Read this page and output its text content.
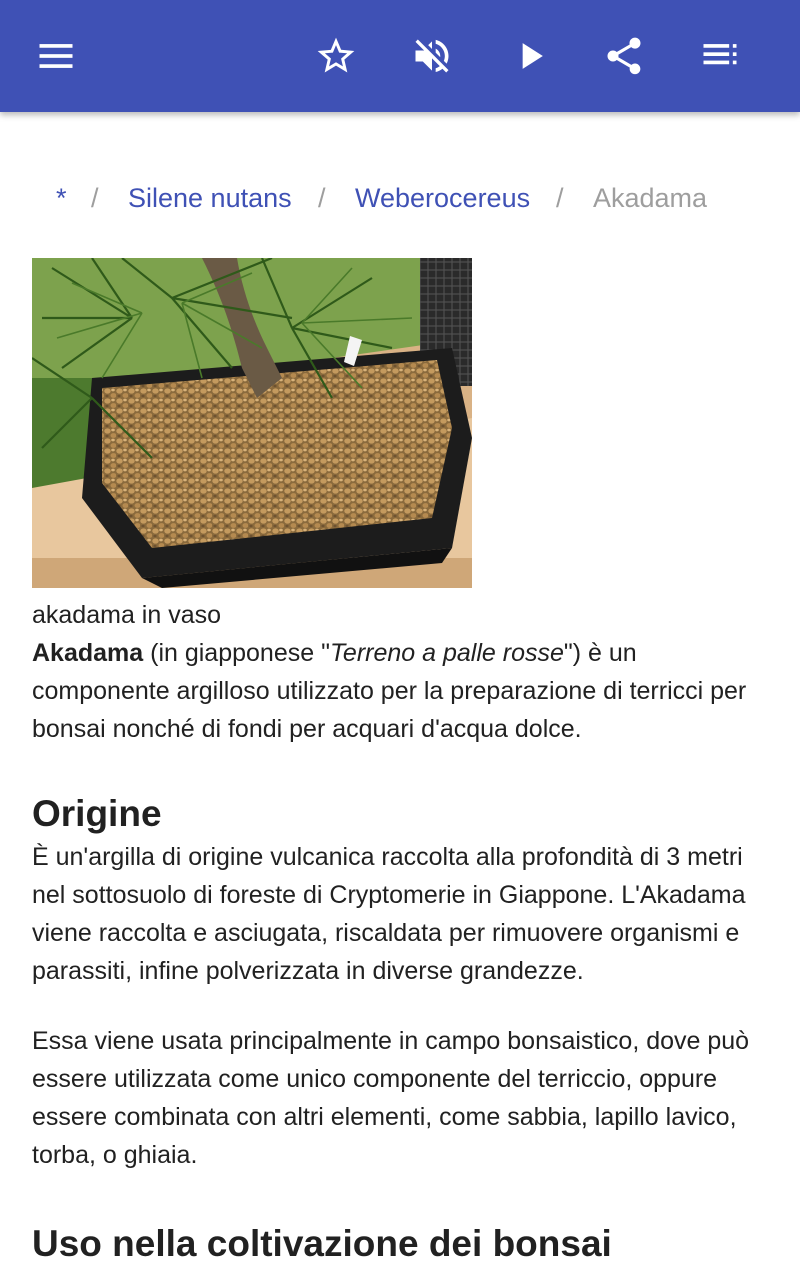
* / Silene nutans / Weberocereus / Akadama

akadama in vaso

Akadama (in giapponese "Terreno a palle rosse") è un componente argilloso utilizzato per la preparazione di terricci per bonsai nonché di fondi per acquari d'acqua dolce.

Origine

È un'argilla di origine vulcanica raccolta alla profondità di 3 metri nel sottosuolo di foreste di Cryptomerie in Giappone. L'Akadama viene raccolta e asciugata, riscaldata per rimuovere organismi e parassiti, infine polverizzata in diverse grandezze.

Essa viene usata principalmente in campo bonsaistico, dove può essere utilizzata come unico componente del terriccio, oppure essere combinata con altri elementi, come sabbia, lapillo lavico, torba, o ghiaia.

Uso nella coltivazione dei bonsai
